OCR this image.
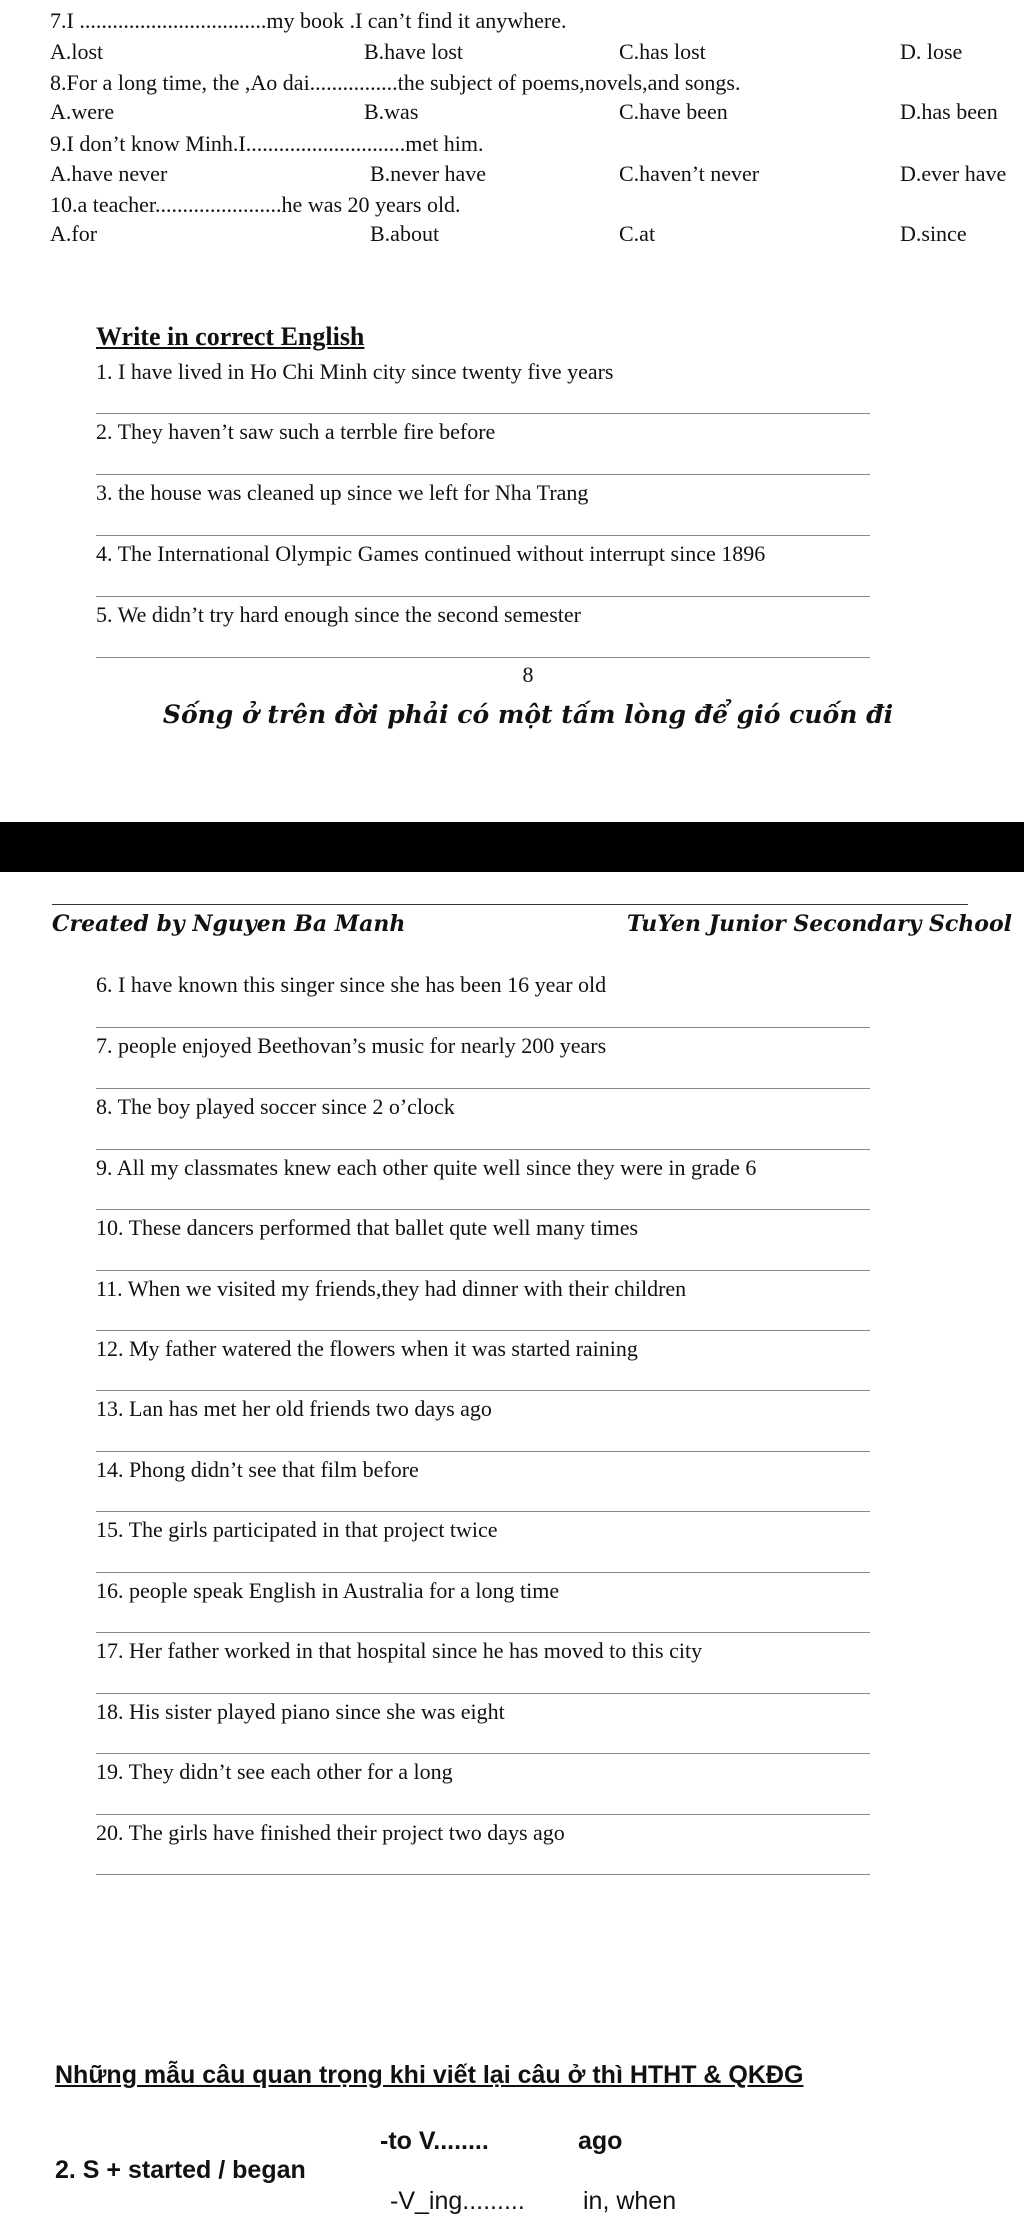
7.I ..................................my book .I can’t find it anywhere.
A.lost	B.have lost	C.has lost	D. lose
8.For a long time, the ,Ao dai................the subject of poems,novels,and songs.
A.were	B.was	C.have been	D.has been
9.I don’t know Minh.I.............................met him.
A.have never	B.never have	C.haven’t never	D.ever have
10.a teacher.......................he was 20 years old.
A.for	B.about	C.at	D.since
Write in correct English
1. I have lived in Ho Chi Minh city since twenty five years
2. They haven’t saw such a terrble fire before
3. the house was cleaned up since we left for Nha Trang
4. The International Olympic Games continued without interrupt since 1896
5. We didn’t try hard enough since the second semester
8
Sống ở trên đời phải có một tấm lòng để gió cuốn đi
Created by Nguyen Ba Manh	TuYen Junior Secondary School
6. I have known this singer since she has been 16 year old
7. people enjoyed Beethovan’s music for nearly 200 years
8. The boy played soccer since 2 o’clock
9. All my classmates knew each other quite well since they were in grade 6
10. These dancers performed that ballet qute well many times
11. When we visited my friends,they had dinner with their children
12. My father watered the flowers when it was started raining
13. Lan has met her old friends two days ago
14. Phong didn’t see that film before
15. The girls participated in that project twice
16. people speak English in Australia for a long time
17. Her father worked in that hospital since he has moved to this city
18. His sister played piano since she was eight
19. They didn’t see each other for a long
20. The girls have finished their project two days ago
Những mẫu câu quan trọng khi viết lại câu ở thì HTHT & QKĐG
-to V........	ago
2. S + started / began
-V_ing......... in, when
